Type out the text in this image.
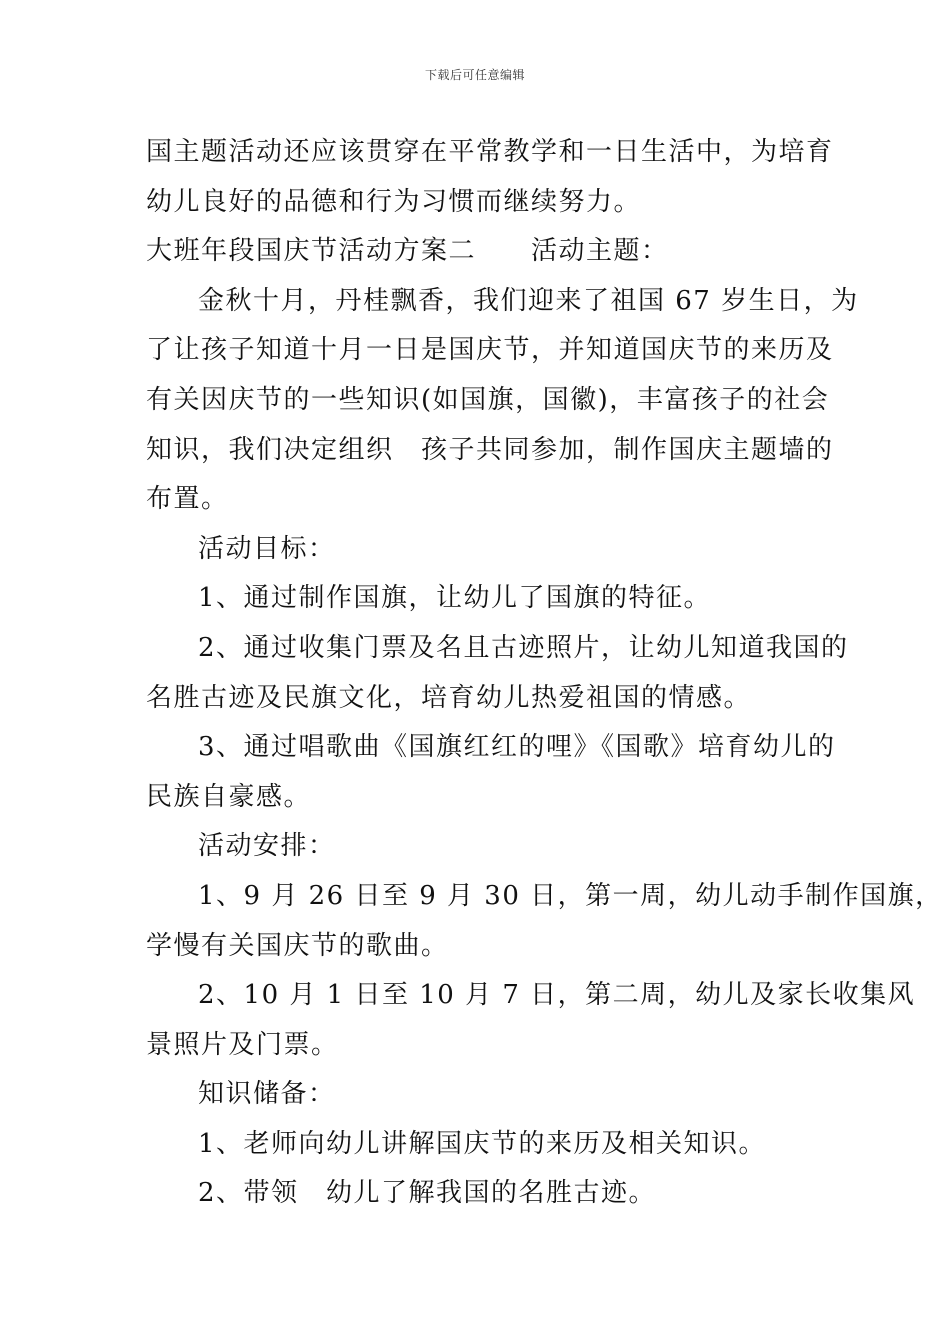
下载后可任意编辑
国主题活动还应该贯穿在平常教学和一日生活中，为培育
幼儿良好的品德和行为习惯而继续努力。
大班年段国庆节活动方案二　　活动主题：
金秋十月，丹桂飘香，我们迎来了祖国 67 岁生日，为
了让孩子知道十月一日是国庆节，并知道国庆节的来历及
有关因庆节的一些知识(如国旗，国徽)，丰富孩子的社会
知识，我们决定组织　孩子共同参加，制作国庆主题墙的
布置。
活动目标：
1、通过制作国旗，让幼儿了国旗的特征。
2、通过收集门票及名且古迹照片，让幼儿知道我国的
名胜古迹及民旗文化，培育幼儿热爱祖国的情感。
3、通过唱歌曲《国旗红红的哩》《国歌》培育幼儿的
民族自豪感。
活动安排：
1、9 月 26 日至 9 月 30 日，第一周，幼儿动手制作国旗，
学慢有关国庆节的歌曲。
2、10 月 1 日至 10 月 7 日，第二周，幼儿及家长收集风
景照片及门票。
知识储备：
1、老师向幼儿讲解国庆节的来历及相关知识。
2、带领　幼儿了解我国的名胜古迹。
